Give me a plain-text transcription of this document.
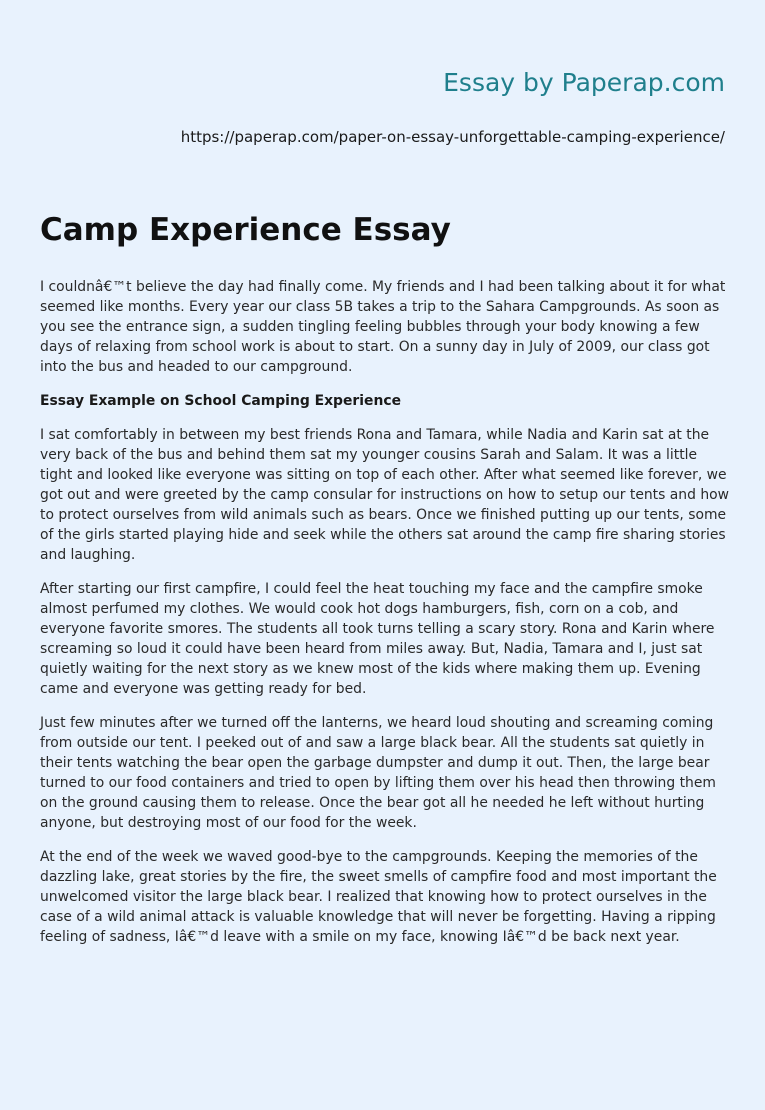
Essay by Paperap.com
https://paperap.com/paper-on-essay-unforgettable-camping-experience/
Camp Experience Essay

I couldnâ€™t believe the day had finally come. My friends and I had been talking about it for what seemed like months. Every year our class 5B takes a trip to the Sahara Campgrounds. As soon as you see the entrance sign, a sudden tingling feeling bubbles through your body knowing a few days of relaxing from school work is about to start. On a sunny day in July of 2009, our class got into the bus and headed to our campground.

Essay Example on School Camping Experience

I sat comfortably in between my best friends Rona and Tamara, while Nadia and Karin sat at the very back of the bus and behind them sat my younger cousins Sarah and Salam. It was a little tight and looked like everyone was sitting on top of each other. After what seemed like forever, we got out and were greeted by the camp consular for instructions on how to setup our tents and how to protect ourselves from wild animals such as bears. Once we finished putting up our tents, some of the girls started playing hide and seek while the others sat around the camp fire sharing stories and laughing.

After starting our first campfire, I could feel the heat touching my face and the campfire smoke almost perfumed my clothes. We would cook hot dogs hamburgers, fish, corn on a cob, and everyone favorite smores. The students all took turns telling a scary story. Rona and Karin where screaming so loud it could have been heard from miles away. But, Nadia, Tamara and I, just sat quietly waiting for the next story as we knew most of the kids where making them up. Evening came and everyone was getting ready for bed.

Just few minutes after we turned off the lanterns, we heard loud shouting and screaming coming from outside our tent. I peeked out of and saw a large black bear. All the students sat quietly in their tents watching the bear open the garbage dumpster and dump it out. Then, the large bear turned to our food containers and tried to open by lifting them over his head then throwing them on the ground causing them to release. Once the bear got all he needed he left without hurting anyone, but destroying most of our food for the week.

At the end of the week we waved good-bye to the campgrounds. Keeping the memories of the dazzling lake, great stories by the fire, the sweet smells of campfire food and most important the unwelcomed visitor the large black bear. I realized that knowing how to protect ourselves in the case of a wild animal attack is valuable knowledge that will never be forgetting. Having a ripping feeling of sadness, Iâ€™d leave with a smile on my face, knowing Iâ€™d be back next year.
